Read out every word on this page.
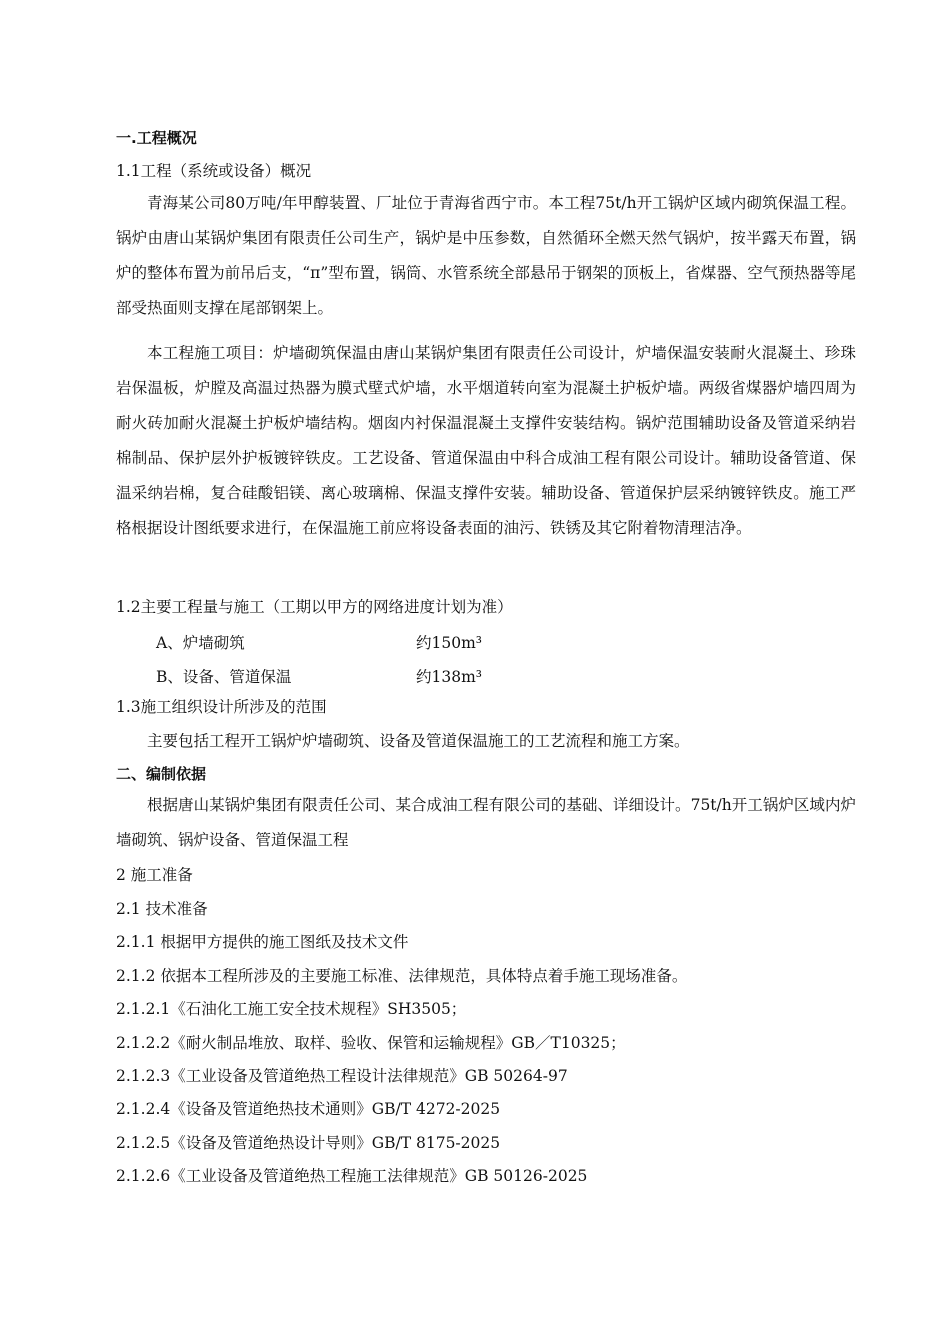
一.工程概况
1.1工程（系统或设备）概况
青海某公司80万吨/年甲醇装置、厂址位于青海省西宁市。本工程75t/h开工锅炉区域内砌筑保温工程。锅炉由唐山某锅炉集团有限责任公司生产，锅炉是中压参数，自然循环全燃天然气锅炉，按半露天布置，锅炉的整体布置为前吊后支，“π”型布置，锅筒、水管系统全部悬吊于钢架的顶板上，省煤器、空气预热器等尾部受热面则支撑在尾部钢架上。
本工程施工项目：炉墙砌筑保温由唐山某锅炉集团有限责任公司设计，炉墙保温安装耐火混凝土、珍珠岩保温板，炉膛及高温过热器为膜式壁式炉墙，水平烟道转向室为混凝土护板炉墙。两级省煤器炉墙四周为耐火砖加耐火混凝土护板炉墙结构。烟囱内衬保温混凝土支撑件安装结构。锅炉范围辅助设备及管道采纳岩棉制品、保护层外护板镀锌铁皮。工艺设备、管道保温由中科合成油工程有限公司设计。辅助设备管道、保温采纳岩棉，复合硅酸铝镁、离心玻璃棉、保温支撑件安装。辅助设备、管道保护层采纳镀锌铁皮。施工严格根据设计图纸要求进行，在保温施工前应将设备表面的油污、铁锈及其它附着物清理洁净。
1.2主要工程量与施工（工期以甲方的网络进度计划为准）
A、炉墙砌筑	约150m³
B、设备、管道保温	约138m³
1.3施工组织设计所涉及的范围
主要包括工程开工锅炉炉墙砌筑、设备及管道保温施工的工艺流程和施工方案。
二、编制依据
根据唐山某锅炉集团有限责任公司、某合成油工程有限公司的基础、详细设计。75t/h开工锅炉区域内炉墙砌筑、锅炉设备、管道保温工程
2 施工准备
2.1 技术准备
2.1.1 根据甲方提供的施工图纸及技术文件
2.1.2 依据本工程所涉及的主要施工标准、法律规范，具体特点着手施工现场准备。
2.1.2.1《石油化工施工安全技术规程》SH3505；
2.1.2.2《耐火制品堆放、取样、验收、保管和运输规程》GB／T10325；
2.1.2.3《工业设备及管道绝热工程设计法律规范》GB 50264-97
2.1.2.4《设备及管道绝热技术通则》GB/T 4272-2025
2.1.2.5《设备及管道绝热设计导则》GB/T 8175-2025
2.1.2.6《工业设备及管道绝热工程施工法律规范》GB 50126-2025
